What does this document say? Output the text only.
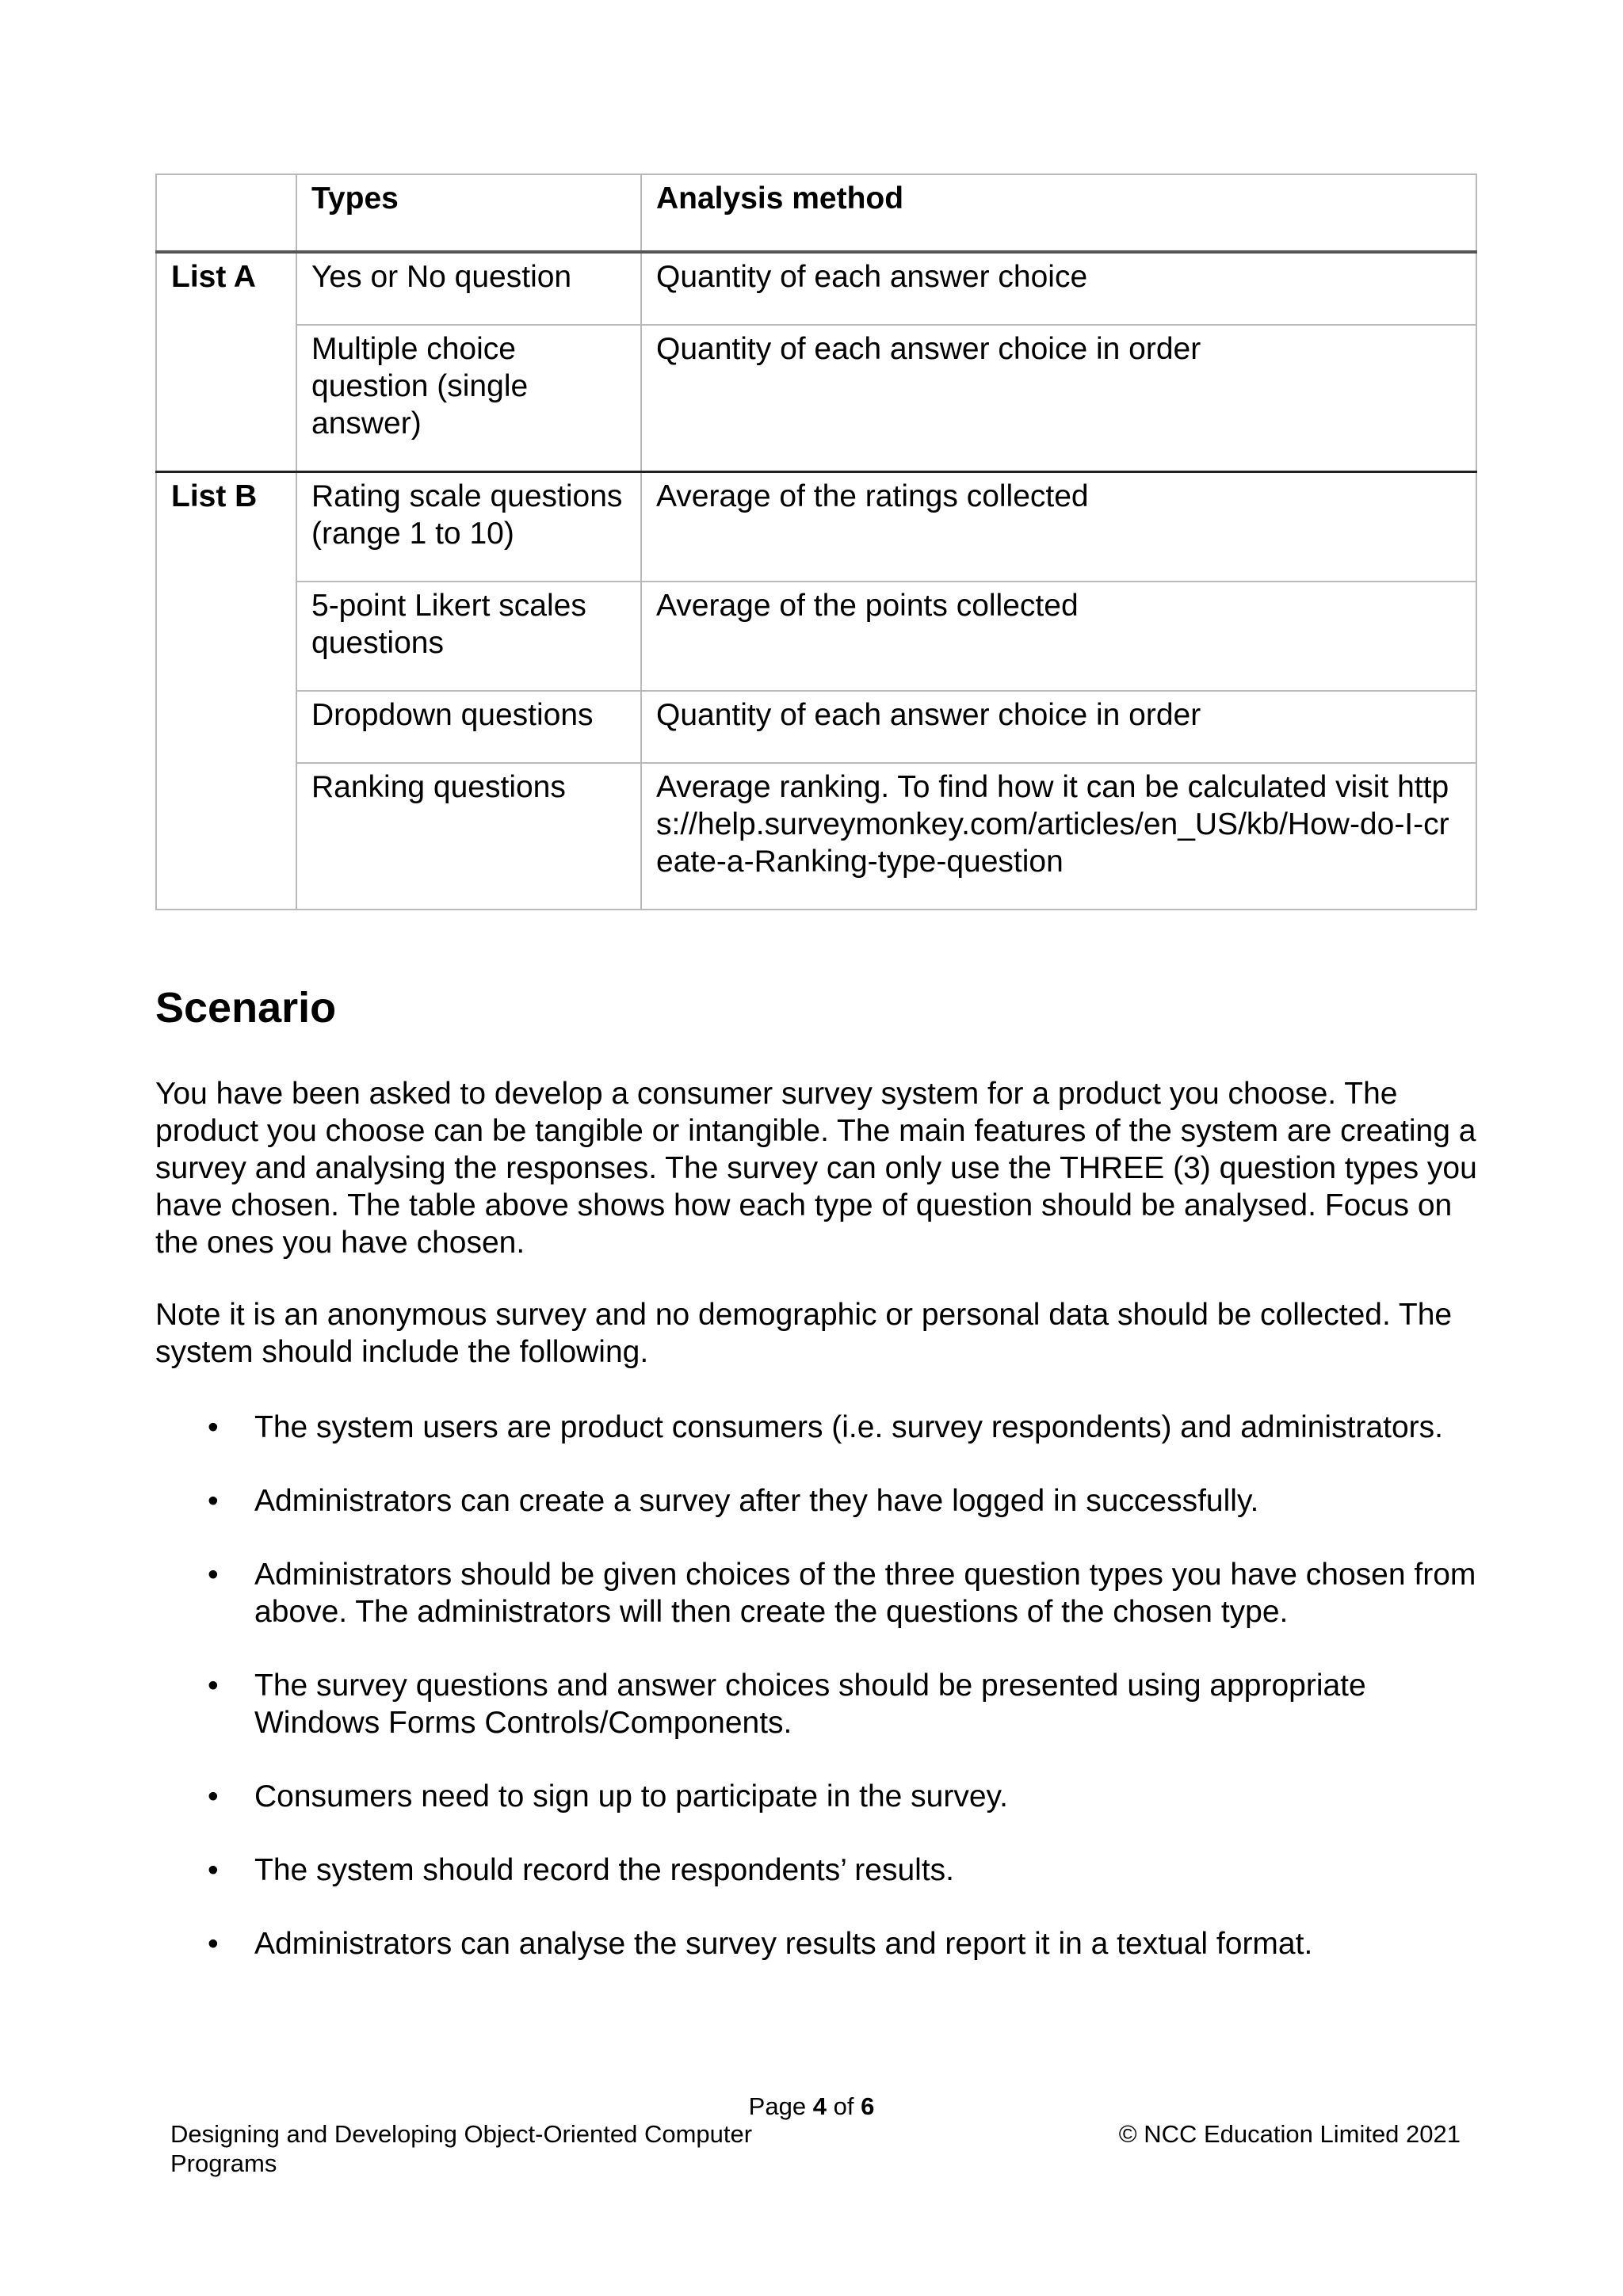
	Types	Analysis method
List A	Yes or No question	Quantity of each answer choice
	Multiple choice question (single answer)	Quantity of each answer choice in order
List B	Rating scale questions (range 1 to 10)	Average of the ratings collected
	5-point Likert scales questions	Average of the points collected
	Dropdown questions	Quantity of each answer choice in order
	Ranking questions	Average ranking. To find how it can be calculated visit https://help.surveymonkey.com/articles/en_US/kb/How-do-I-create-a-Ranking-type-question
Scenario

You have been asked to develop a consumer survey system for a product you choose. The product you choose can be tangible or intangible. The main features of the system are creating a survey and analysing the responses. The survey can only use the THREE (3) question types you have chosen. The table above shows how each type of question should be analysed. Focus on the ones you have chosen.

Note it is an anonymous survey and no demographic or personal data should be collected. The system should include the following.

• The system users are product consumers (i.e. survey respondents) and administrators.
• Administrators can create a survey after they have logged in successfully.
• Administrators should be given choices of the three question types you have chosen from above. The administrators will then create the questions of the chosen type.
• The survey questions and answer choices should be presented using appropriate Windows Forms Controls/Components.
• Consumers need to sign up to participate in the survey.
• The system should record the respondents’ results.
• Administrators can analyse the survey results and report it in a textual format.
Page 4 of 6
Designing and Developing Object-Oriented Computer Programs
© NCC Education Limited 2021
